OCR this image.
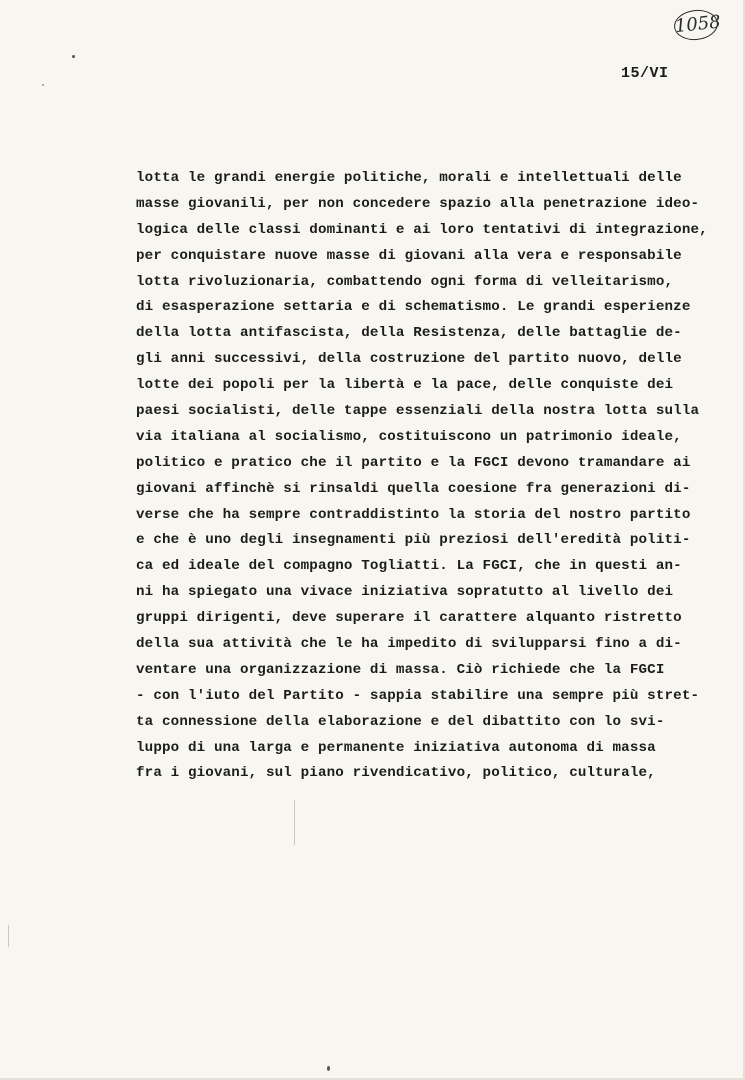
1058
15/VI
lotta le grandi energie politiche, morali e intellettuali delle
masse giovanili, per non concedere spazio alla penetrazione ideo-
logica delle classi dominanti e ai loro tentativi di integrazione,
per conquistare nuove masse di giovani alla vera e responsabile
lotta rivoluzionaria, combattendo ogni forma di velleitarismo,
di esasperazione settaria e di schematismo. Le grandi esperienze
della lotta antifascista, della Resistenza, delle battaglie de-
gli anni successivi, della costruzione del partito nuovo, delle
lotte dei popoli per la libertà e la pace, delle conquiste dei
paesi socialisti, delle tappe essenziali della nostra lotta sulla
via italiana al socialismo, costituiscono un patrimonio ideale,
politico e pratico che il partito e la FGCI devono tramandare ai
giovani affinchè si rinsaldi quella coesione fra generazioni di-
verse che ha sempre contraddistinto la storia del nostro partito
e che è uno degli insegnamenti più preziosi dell'eredità politi-
ca ed ideale del compagno Togliatti. La FGCI, che in questi an-
ni ha spiegato una vivace iniziativa sopratutto al livello dei
gruppi dirigenti, deve superare il carattere alquanto ristretto
della sua attività che le ha impedito di svilupparsi fino a di-
ventare una organizzazione di massa. Ciò richiede che la FGCI
- con l'iuto del Partito - sappia stabilire una sempre più stret-
ta connessione della elaborazione e del dibattito con lo svi-
luppo di una larga e permanente iniziativa autonoma di massa
fra i giovani, sul piano rivendicativo, politico, culturale,
